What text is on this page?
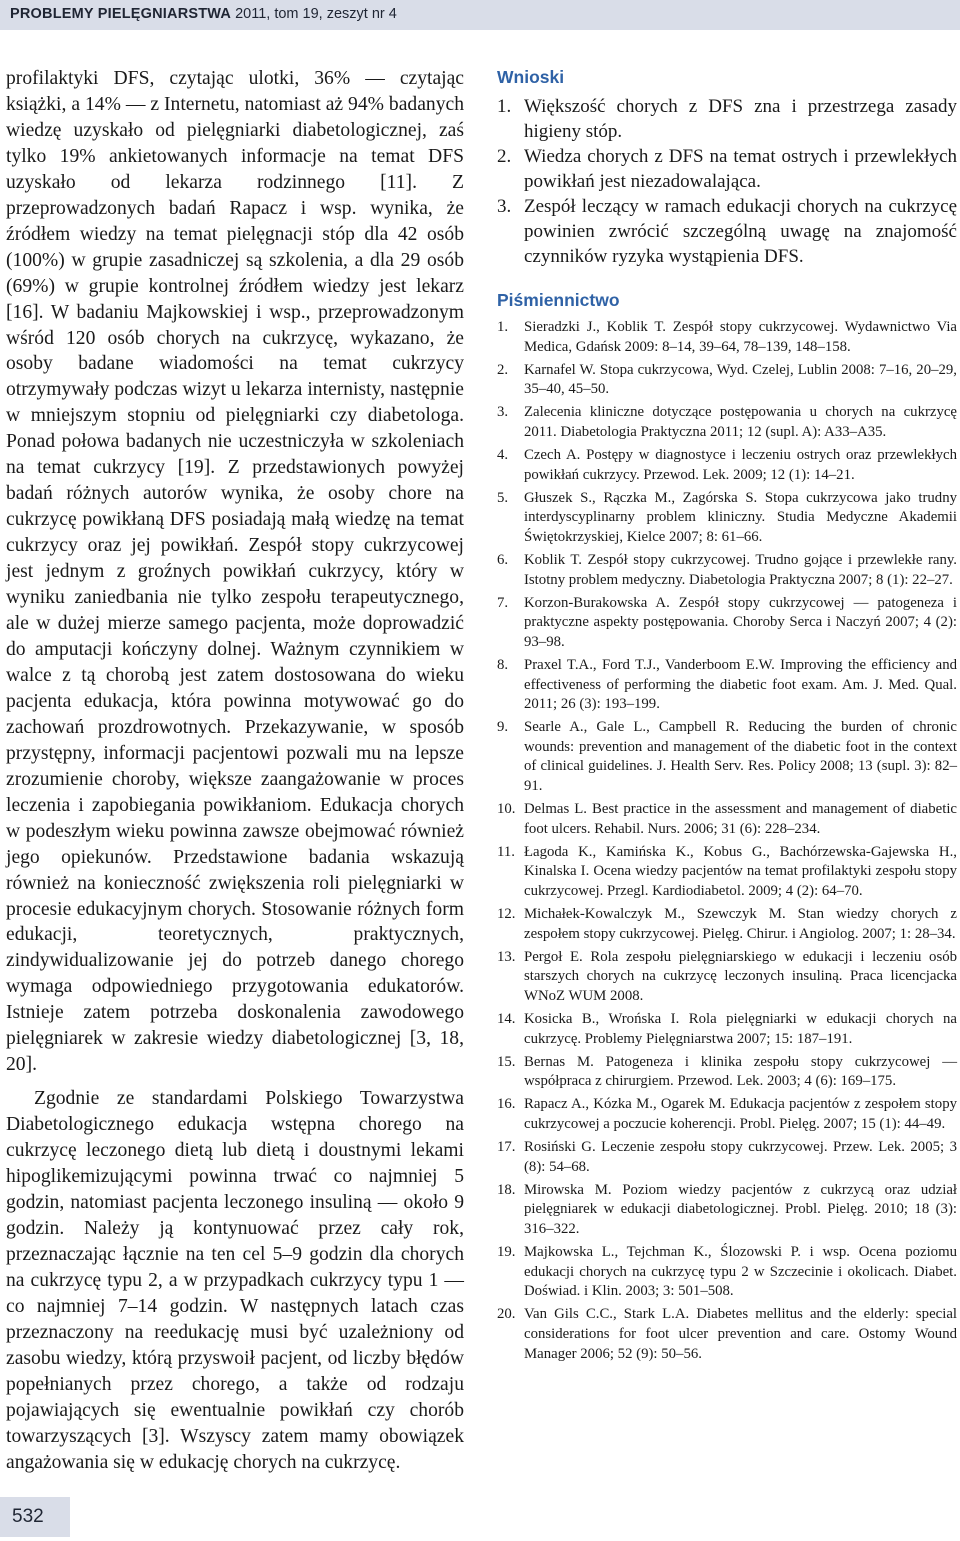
PROBLEMY PIELĘGNIARSTWA 2011, tom 19, zeszyt nr 4

profilaktyki DFS, czytając ulotki, 36% — czytając książki, a 14% — z Internetu, natomiast aż 94% badanych wiedzę uzyskało od pielęgniarki diabetologicznej, zaś tylko 19% ankietowanych informacje na temat DFS uzyskało od lekarza rodzinnego [11]. Z przeprowadzonych badań Rapacz i wsp. wynika, że źródłem wiedzy na temat pielęgnacji stóp dla 42 osób (100%) w grupie zasadniczej są szkolenia, a dla 29 osób (69%) w grupie kontrolnej źródłem wiedzy jest lekarz [16]. W badaniu Majkowskiej i wsp., przeprowadzonym wśród 120 osób chorych na cukrzycę, wykazano, że osoby badane wiadomości na temat cukrzycy otrzymywały podczas wizyt u lekarza internisty, następnie w mniejszym stopniu od pielęgniarki czy diabetologa. Ponad połowa badanych nie uczestniczyła w szkoleniach na temat cukrzycy [19]. Z przedstawionych powyżej badań różnych autorów wynika, że osoby chore na cukrzycę powikłaną DFS posiadają małą wiedzę na temat cukrzycy oraz jej powikłań. Zespół stopy cukrzycowej jest jednym z groźnych powikłań cukrzycy, który w wyniku zaniedbania nie tylko zespołu terapeutycznego, ale w dużej mierze samego pacjenta, może doprowadzić do amputacji kończyny dolnej. Ważnym czynnikiem w walce z tą chorobą jest zatem dostosowana do wieku pacjenta edukacja, która powinna motywować go do zachowań prozdrowotnych. Przekazywanie, w sposób przystępny, informacji pacjentowi pozwali mu na lepsze zrozumienie choroby, większe zaangażowanie w proces leczenia i zapobiegania powikłaniom. Edukacja chorych w podeszłym wieku powinna zawsze obejmować również jego opiekunów. Przedstawione badania wskazują również na konieczność zwiększenia roli pielęgniarki w procesie edukacyjnym chorych. Stosowanie różnych form edukacji, teoretycznych, praktycznych, zindywidualizowanie jej do potrzeb danego chorego wymaga odpowiedniego przygotowania edukatorów. Istnieje zatem potrzeba doskonalenia zawodowego pielęgniarek w zakresie wiedzy diabetologicznej [3, 18, 20].

Zgodnie ze standardami Polskiego Towarzystwa Diabetologicznego edukacja wstępna chorego na cukrzycę leczonego dietą lub dietą i doustnymi lekami hipoglikemizującymi powinna trwać co najmniej 5 godzin, natomiast pacjenta leczonego insuliną — około 9 godzin. Należy ją kontynuować przez cały rok, przeznaczając łącznie na ten cel 5–9 godzin dla chorych na cukrzycę typu 2, a w przypadkach cukrzycy typu 1 — co najmniej 7–14 godzin. W następnych latach czas przeznaczony na reedukację musi być uzależniony od zasobu wiedzy, którą przyswoił pacjent, od liczby błędów popełnianych przez chorego, a także od rodzaju pojawiających się ewentualnie powikłań czy chorób towarzyszących [3]. Wszyscy zatem mamy obowiązek angażowania się w edukację chorych na cukrzycę.

Wnioski
1. Większość chorych z DFS zna i przestrzega zasady higieny stóp.
2. Wiedza chorych z DFS na temat ostrych i przewlekłych powikłań jest niezadowalająca.
3. Zespół leczący w ramach edukacji chorych na cukrzycę powinien zwrócić szczególną uwagę na znajomość czynników ryzyka wystąpienia DFS.
Piśmiennictwo
1. Sieradzki J., Koblik T. Zespół stopy cukrzycowej. Wydawnictwo Via Medica, Gdańsk 2009: 8–14, 39–64, 78–139, 148–158.
2. Karnafel W. Stopa cukrzycowa, Wyd. Czelej, Lublin 2008: 7–16, 20–29, 35–40, 45–50.
3. Zalecenia kliniczne dotyczące postępowania u chorych na cukrzycę 2011. Diabetologia Praktyczna 2011; 12 (supl. A): A33–A35.
4. Czech A. Postępy w diagnostyce i leczeniu ostrych oraz przewlekłych powikłań cukrzycy. Przewod. Lek. 2009; 12 (1): 14–21.
5. Głuszek S., Rączka M., Zagórska S. Stopa cukrzycowa jako trudny interdyscyplinarny problem kliniczny. Studia Medyczne Akademii Świętokrzyskiej, Kielce 2007; 8: 61–66.
6. Koblik T. Zespół stopy cukrzycowej. Trudno gojące i przewlekłe rany. Istotny problem medyczny. Diabetologia Praktyczna 2007; 8 (1): 22–27.
7. Korzon-Burakowska A. Zespół stopy cukrzycowej — patogeneza i praktyczne aspekty postępowania. Choroby Serca i Naczyń 2007; 4 (2): 93–98.
8. Praxel T.A., Ford T.J., Vanderboom E.W. Improving the efficiency and effectiveness of performing the diabetic foot exam. Am. J. Med. Qual. 2011; 26 (3): 193–199.
9. Searle A., Gale L., Campbell R. Reducing the burden of chronic wounds: prevention and management of the diabetic foot in the context of clinical guidelines. J. Health Serv. Res. Policy 2008; 13 (supl. 3): 82–91.
10. Delmas L. Best practice in the assessment and management of diabetic foot ulcers. Rehabil. Nurs. 2006; 31 (6): 228–234.
11. Łagoda K., Kamińska K., Kobus G., Bachórzewska-Gajewska H., Kinalska I. Ocena wiedzy pacjentów na temat profilaktyki zespołu stopy cukrzycowej. Przegl. Kardiodiabetol. 2009; 4 (2): 64–70.
12. Michałek-Kowalczyk M., Szewczyk M. Stan wiedzy chorych z zespołem stopy cukrzycowej. Pielęg. Chirur. i Angiolog. 2007; 1: 28–34.
13. Pergoł E. Rola zespołu pielęgniarskiego w edukacji i leczeniu osób starszych chorych na cukrzycę leczonych insuliną. Praca licencjacka WNoZ WUM 2008.
14. Kosicka B., Wrońska I. Rola pielęgniarki w edukacji chorych na cukrzycę. Problemy Pielęgniarstwa 2007; 15: 187–191.
15. Bernas M. Patogeneza i klinika zespołu stopy cukrzycowej — współpraca z chirurgiem. Przewod. Lek. 2003; 4 (6): 169–175.
16. Rapacz A., Kózka M., Ogarek M. Edukacja pacjentów z zespołem stopy cukrzycowej a poczucie koherencji. Probl. Pielęg. 2007; 15 (1): 44–49.
17. Rosiński G. Leczenie zespołu stopy cukrzycowej. Przew. Lek. 2005; 3 (8): 54–68.
18. Mirowska M. Poziom wiedzy pacjentów z cukrzycą oraz udział pielęgniarek w edukacji diabetologicznej. Probl. Pielęg. 2010; 18 (3): 316–322.
19. Majkowska L., Tejchman K., Ślozowski P. i wsp. Ocena poziomu edukacji chorych na cukrzycę typu 2 w Szczecinie i okolicach. Diabet. Doświad. i Klin. 2003; 3: 501–508.
20. Van Gils C.C., Stark L.A. Diabetes mellitus and the elderly: special considerations for foot ulcer prevention and care. Ostomy Wound Manager 2006; 52 (9): 50–56.
532
